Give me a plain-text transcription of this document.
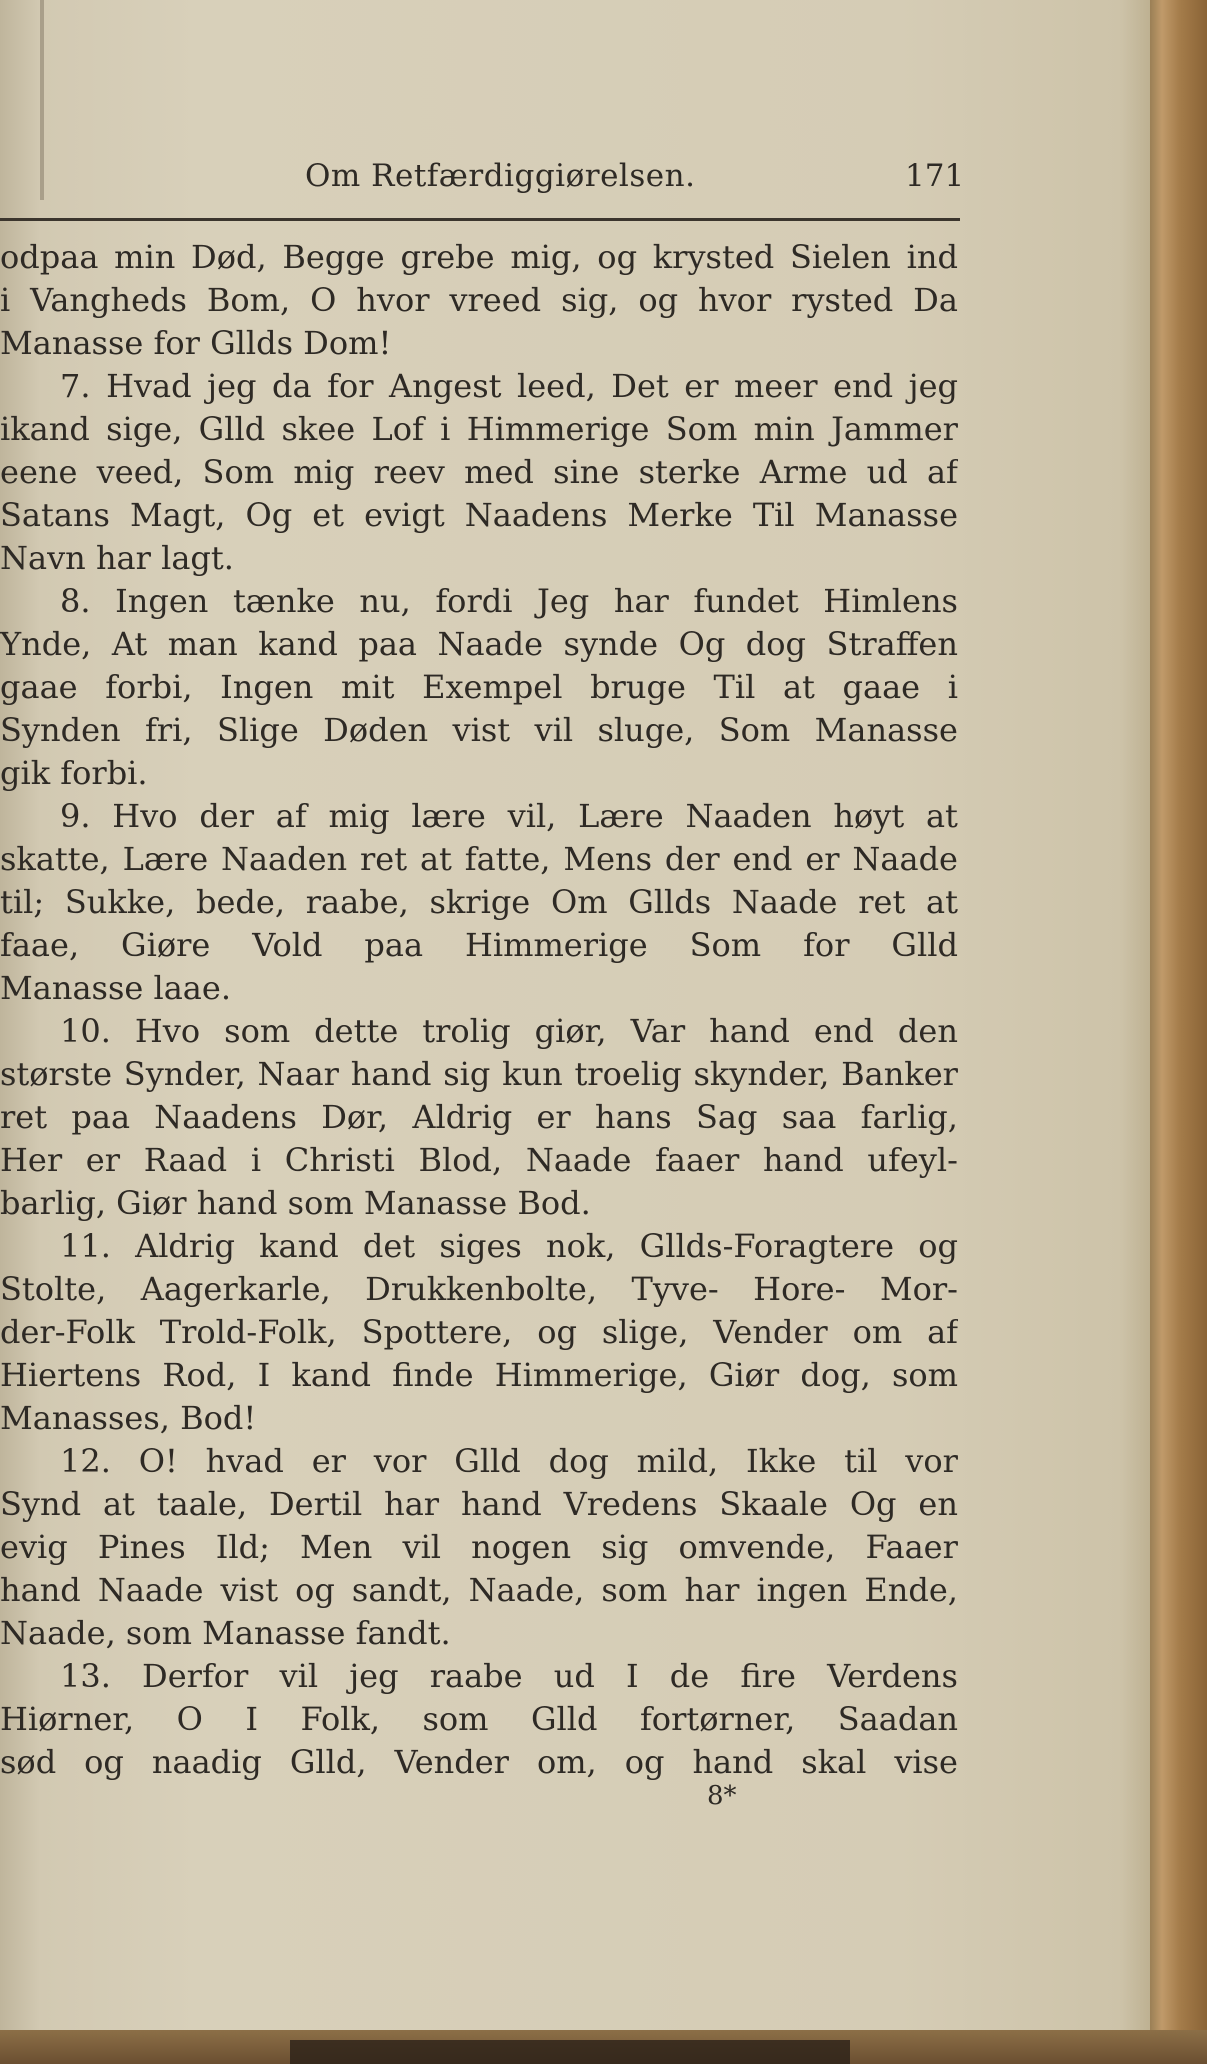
Om Retfærdiggiørelsen.	171
odpaa min Død, Begge grebe mig, og krysted Sielen ind
i Vangheds Bom, O hvor vreed sig, og hvor rysted Da
Manasse for Gllds Dom!
7. Hvad jeg da for Angest leed, Det er meer end jeg
ikand sige, Glld skee Lof i Himmerige Som min Jammer
eene veed, Som mig reev med sine sterke Arme ud af
Satans Magt, Og et evigt Naadens Merke Til Manasse
Navn har lagt.
8. Ingen tænke nu, fordi Jeg har fundet Himlens
Ynde, At man kand paa Naade synde Og dog Straffen
gaae forbi, Ingen mit Exempel bruge Til at gaae i
Synden fri, Slige Døden vist vil sluge, Som Manasse
gik forbi.
9. Hvo der af mig lære vil, Lære Naaden høyt at
skatte, Lære Naaden ret at fatte, Mens der end er Naade
til; Sukke, bede, raabe, skrige Om Gllds Naade ret at
faae, Giøre Vold paa Himmerige Som for Glld
Manasse laae.
10. Hvo som dette trolig giør, Var hand end den
største Synder, Naar hand sig kun troelig skynder, Banker
ret paa Naadens Dør, Aldrig er hans Sag saa farlig,
Her er Raad i Christi Blod, Naade faaer hand ufeyl-
barlig, Giør hand som Manasse Bod.
11. Aldrig kand det siges nok, Gllds-Foragtere og
Stolte, Aagerkarle, Drukkenbolte, Tyve- Hore- Mor-
der-Folk Trold-Folk, Spottere, og slige, Vender om af
Hiertens Rod, I kand finde Himmerige, Giør dog, som
Manasses, Bod!
12. O! hvad er vor Glld dog mild, Ikke til vor
Synd at taale, Dertil har hand Vredens Skaale Og en
evig Pines Ild; Men vil nogen sig omvende, Faaer
hand Naade vist og sandt, Naade, som har ingen Ende,
Naade, som Manasse fandt.
13. Derfor vil jeg raabe ud I de fire Verdens
Hiørner, O I Folk, som Glld fortørner, Saadan
sød og naadig Glld, Vender om, og hand skal vise
8*
